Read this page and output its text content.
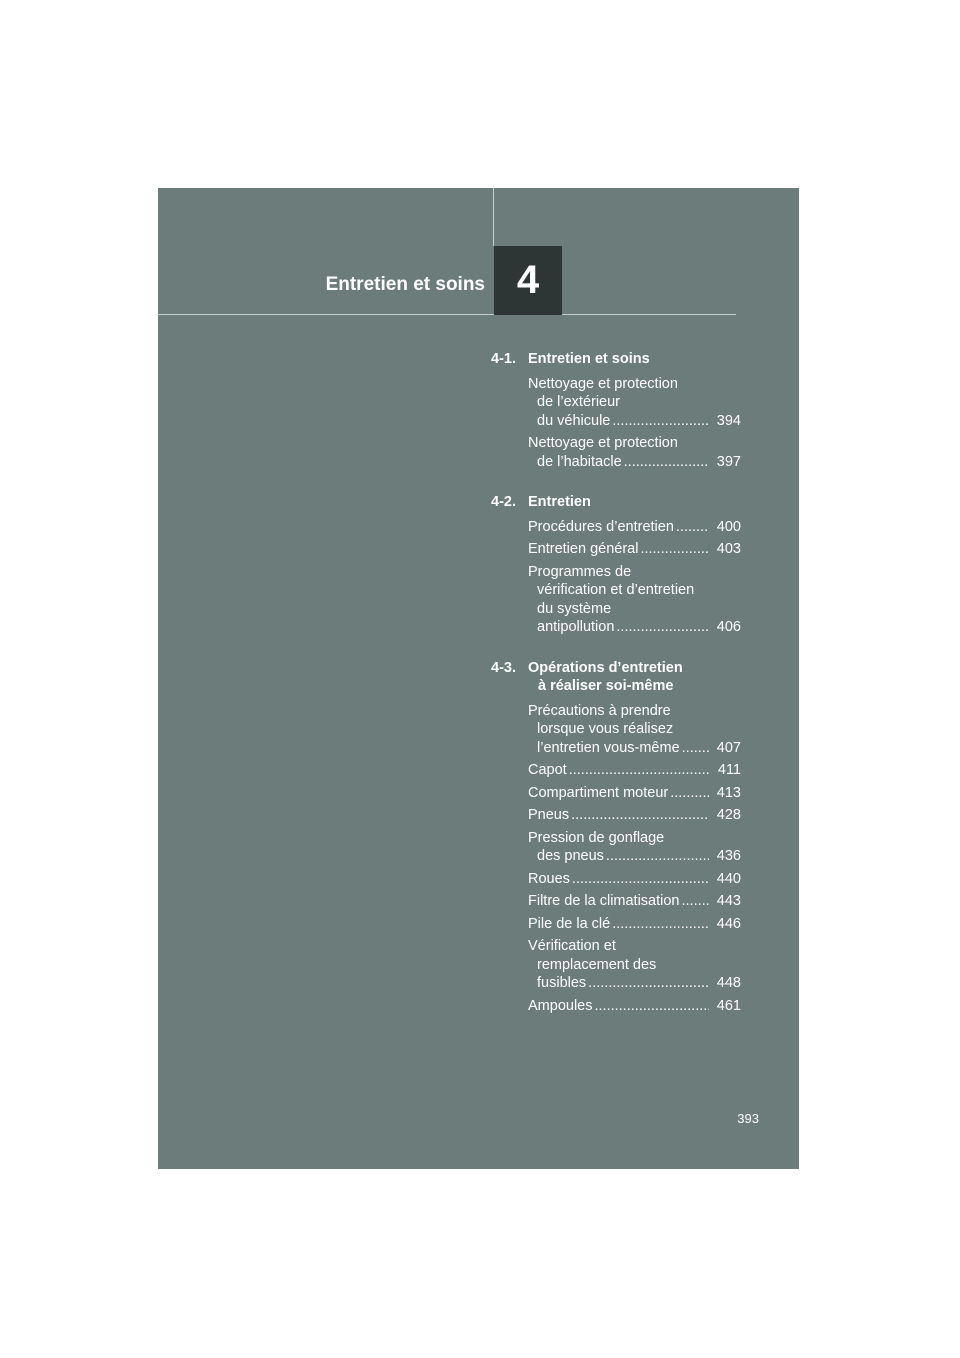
Entretien et soins 4
4-1. Entretien et soins
Nettoyage et protection
de l’extérieur
du véhicule .....	394
Nettoyage et protection
de l’habitacle .....	397
4-2. Entretien
Procédures d’entretien .....	400
Entretien général .....	403
Programmes de
vérification et d’entretien
du système
antipollution .....	406
4-3. Opérations d’entretien
à réaliser soi-même
Précautions à prendre
lorsque vous réalisez
l’entretien vous-même .....	407
Capot .....	411
Compartiment moteur .....	413
Pneus .....	428
Pression de gonflage
des pneus .....	436
Roues .....	440
Filtre de la climatisation .....	443
Pile de la clé .....	446
Vérification et
remplacement des
fusibles .....	448
Ampoules .....	461
393
